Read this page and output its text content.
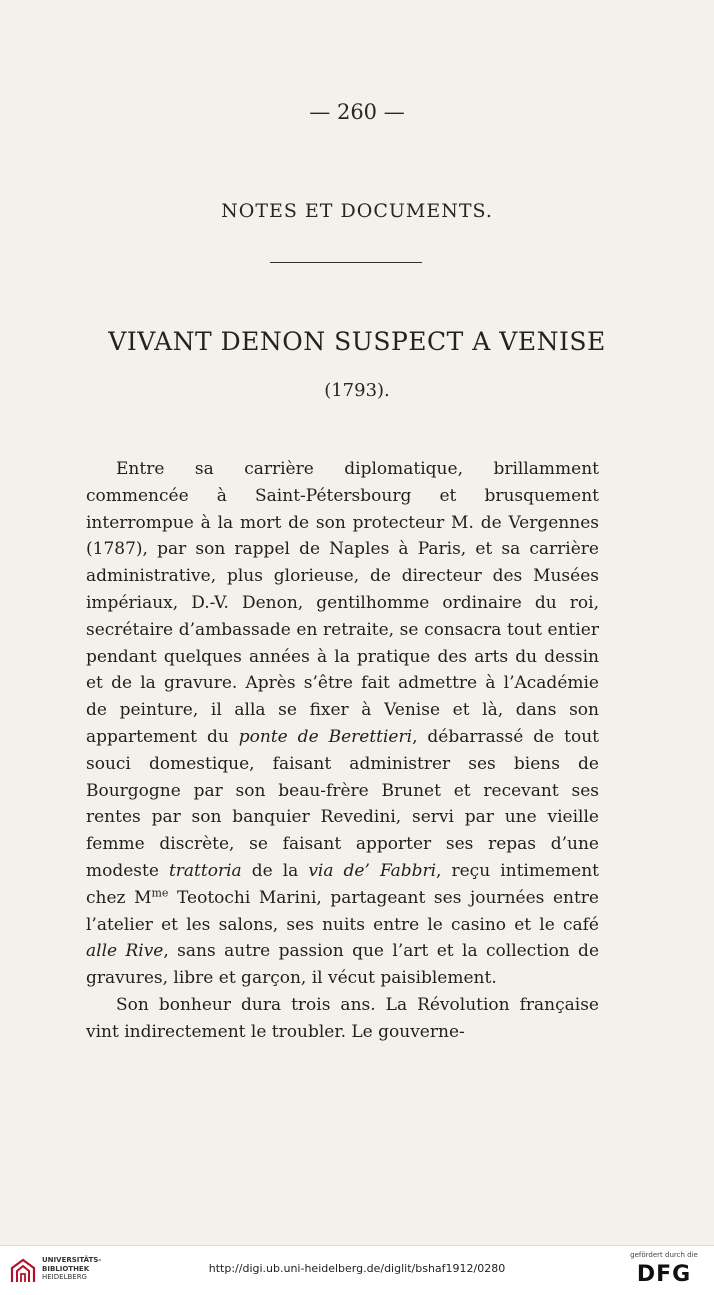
— 260 —
NOTES ET DOCUMENTS.
VIVANT DENON SUSPECT A VENISE
(1793).

Entre sa carrière diplomatique, brillamment commencée à Saint-Pétersbourg et brusquement interrompue à la mort de son protecteur M. de Vergennes (1787), par son rappel de Naples à Paris, et sa carrière administrative, plus glorieuse, de directeur des Musées impériaux, D.-V. Denon, gentilhomme ordinaire du roi, secrétaire d’ambassade en retraite, se consacra tout entier pendant quelques années à la pratique des arts du dessin et de la gravure. Après s’être fait admettre à l’Académie de peinture, il alla se fixer à Venise et là, dans son appartement du ponte de Berettieri, débarrassé de tout souci domestique, faisant administrer ses biens de Bourgogne par son beau-frère Brunet et recevant ses rentes par son banquier Revedini, servi par une vieille femme discrète, se faisant apporter ses repas d’une modeste trattoria de la via de’ Fabbri, reçu intimement chez $M^{me}$ Teotochi Marini, partageant ses journées entre l’atelier et les salons, ses nuits entre le casino et le café alle Rive, sans autre passion que l’art et la collection de gravures, libre et garçon, il vécut paisiblement.

Son bonheur dura trois ans. La Révolution française vint indirectement le troubler. Le gouverne-

UNIVERSITÄTS-
BIBLIOTHEK
HEIDELBERG
http://digi.ub.uni-heidelberg.de/diglit/bshaf1912/0280
gefördert durch die
DFG
